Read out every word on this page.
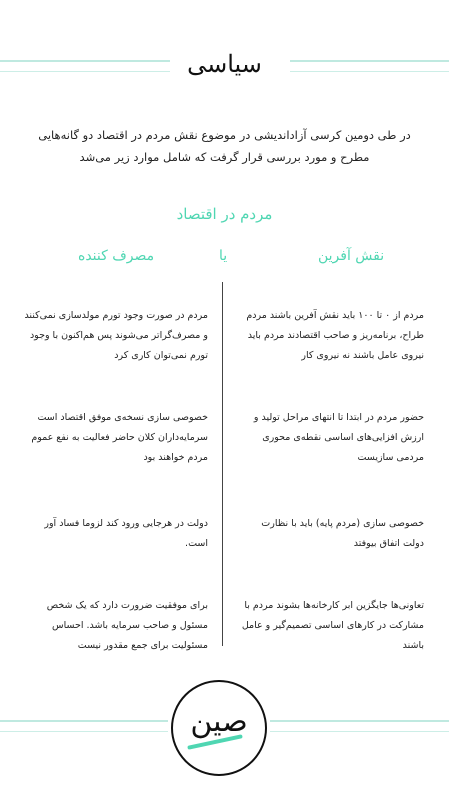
سیاسی
در طی دومین کرسی آزاداندیشی در موضوع نقش مردم در اقتصاد دو گانه‌هایی
مطرح و مورد بررسی قرار گرفت که شامل موارد زیر می‌شد
مردم در اقتصاد
نقش آفرین
یا
مصرف کننده
مردم از ۰ تا ۱۰۰ باید نقش آفرین باشند مردم طراح، برنامه‌ریز و صاحب اقتصادند مردم باید نیروی عامل باشند نه نیروی کار
مردم در صورت وجود تورم مولدسازی نمی‌کنند و مصرف‌گراتر می‌شوند پس هم‌اکنون با وجود تورم نمی‌توان کاری کرد
حضور مردم در ابتدا تا انتهای مراحل تولید و ارزش افزایی‌های اساسی نقطه‌ی محوری مردمی سازیست
خصوصی سازی نسخه‌ی موفق اقتصاد است سرمایه‌داران کلان حاضر فعالیت به نفع عموم مردم خواهند بود
خصوصی سازی (مردم پایه) باید با نظارت دولت اتفاق بیوفتد
دولت در هرجایی ورود کند لزوما فساد آور است.
تعاونی‌ها جایگزین ابر کارخانه‌ها بشوند مردم با مشارکت در کارهای اساسی تصمیم‌گیر و عامل باشند
برای موفقیت ضرورت دارد که یک شخص مسئول و صاحب سرمایه باشد. احساس مسئولیت برای جمع مقدور نیست
صین
